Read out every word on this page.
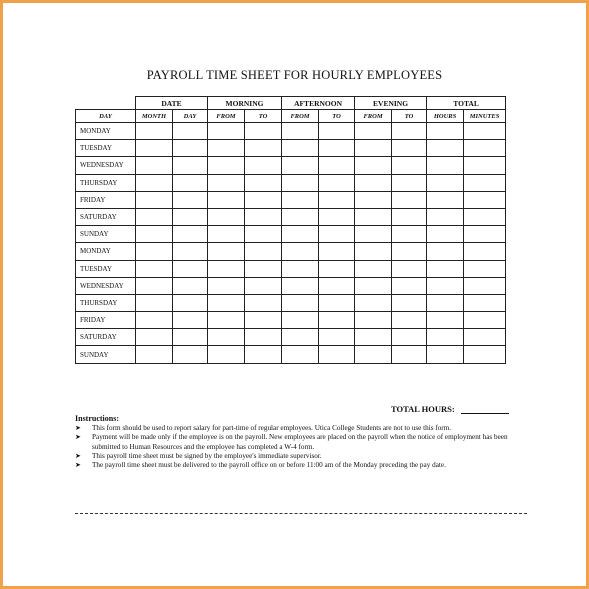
PAYROLL TIME SHEET FOR HOURLY EMPLOYEES
	DATE		MORNING		AFTERNOON		EVENING		TOTAL	
DAY	MONTH	DAY	FROM	TO	FROM	TO	FROM	TO	HOURS	MINUTES
MONDAY										
TUESDAY										
WEDNESDAY										
THURSDAY										
FRIDAY										
SATURDAY										
SUNDAY										
MONDAY										
TUESDAY										
WEDNESDAY										
THURSDAY										
FRIDAY										
SATURDAY										
SUNDAY										
TOTAL HOURS:
Instructions:
➤ This form should be used to report salary for part-time of regular employees. Utica College Students are not to use this form.
➤ Payment will be made only if the employee is on the payroll. New employees are placed on the payroll when the notice of employment has been submitted to Human Resources and the employee has completed a W-4 form.
➤ This payroll time sheet must be signed by the employee's immediate supervisor.
➤ The payroll time sheet must be delivered to the payroll office on or before 11:00 am of the Monday preceding the pay date.
